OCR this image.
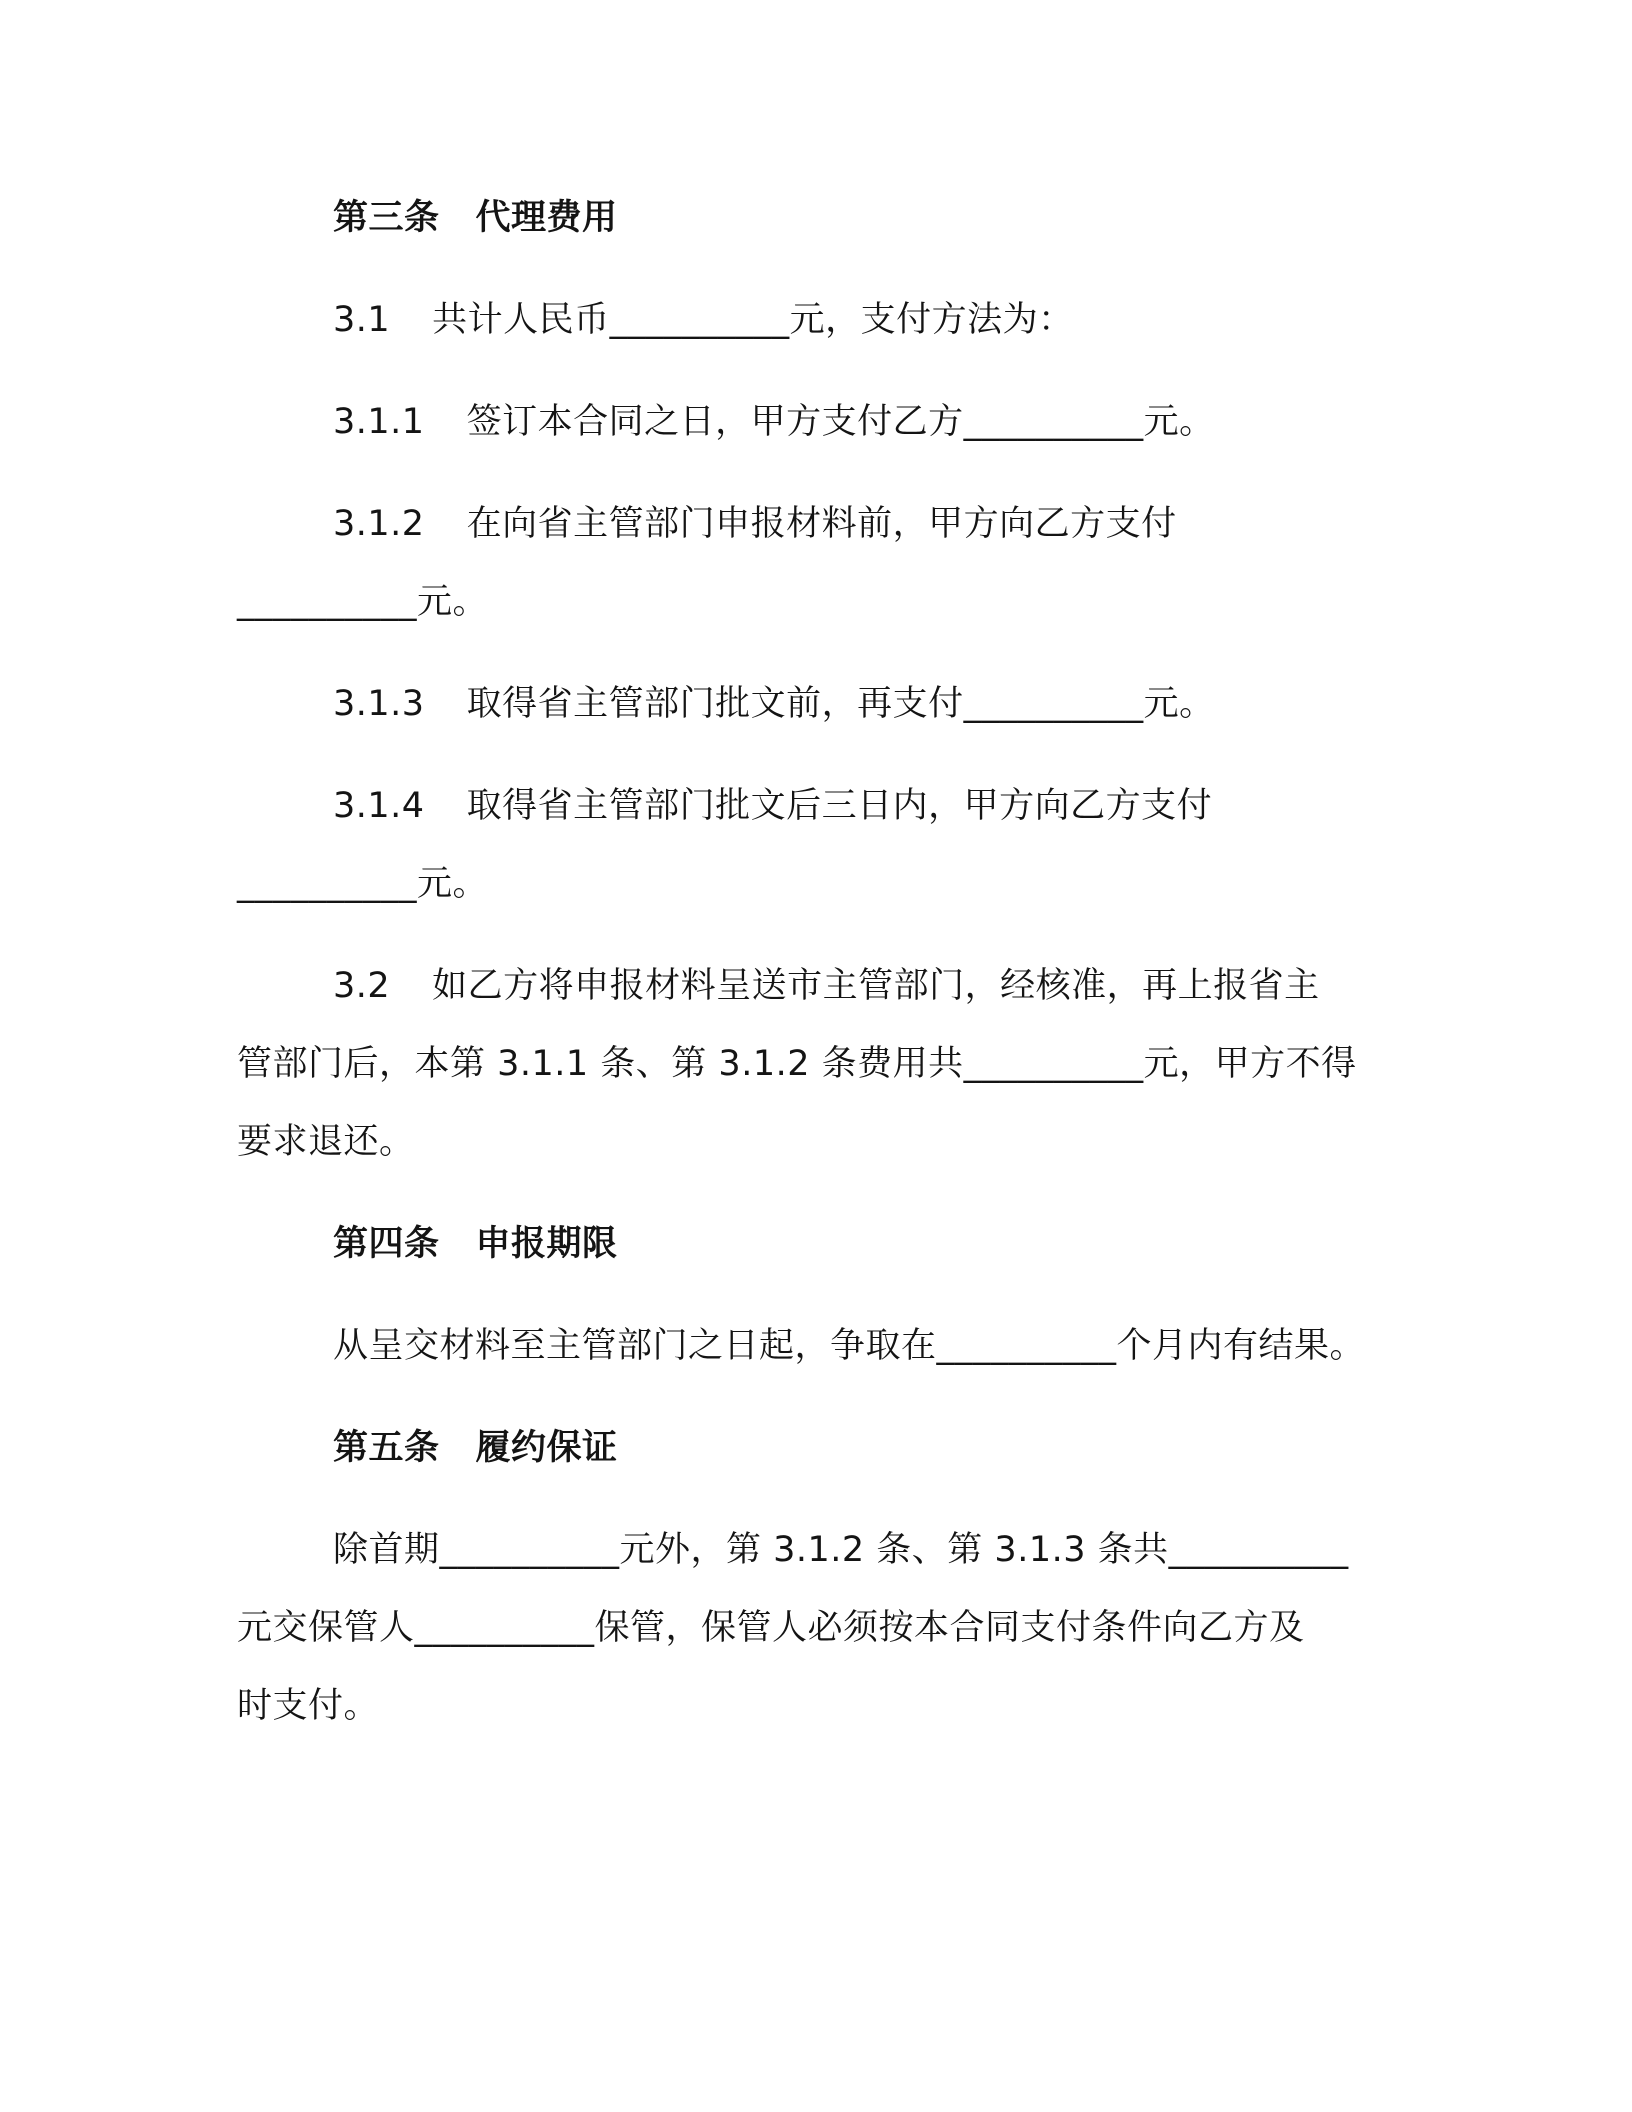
第三条 代理费用
3.1 共计人民币__________元，支付方法为：
3.1.1 签订本合同之日，甲方支付乙方__________元。
3.1.2 在向省主管部门申报材料前，甲方向乙方支付
__________元。
3.1.3 取得省主管部门批文前，再支付__________元。
3.1.4 取得省主管部门批文后三日内，甲方向乙方支付
__________元。
3.2 如乙方将申报材料呈送市主管部门，经核准，再上报省主
管部门后，本第 3.1.1 条、第 3.1.2 条费用共__________元，甲方不得
要求退还。
第四条 申报期限
从呈交材料至主管部门之日起，争取在__________个月内有结果。
第五条 履约保证
除首期__________元外，第 3.1.2 条、第 3.1.3 条共__________
元交保管人__________保管，保管人必须按本合同支付条件向乙方及
时支付。
